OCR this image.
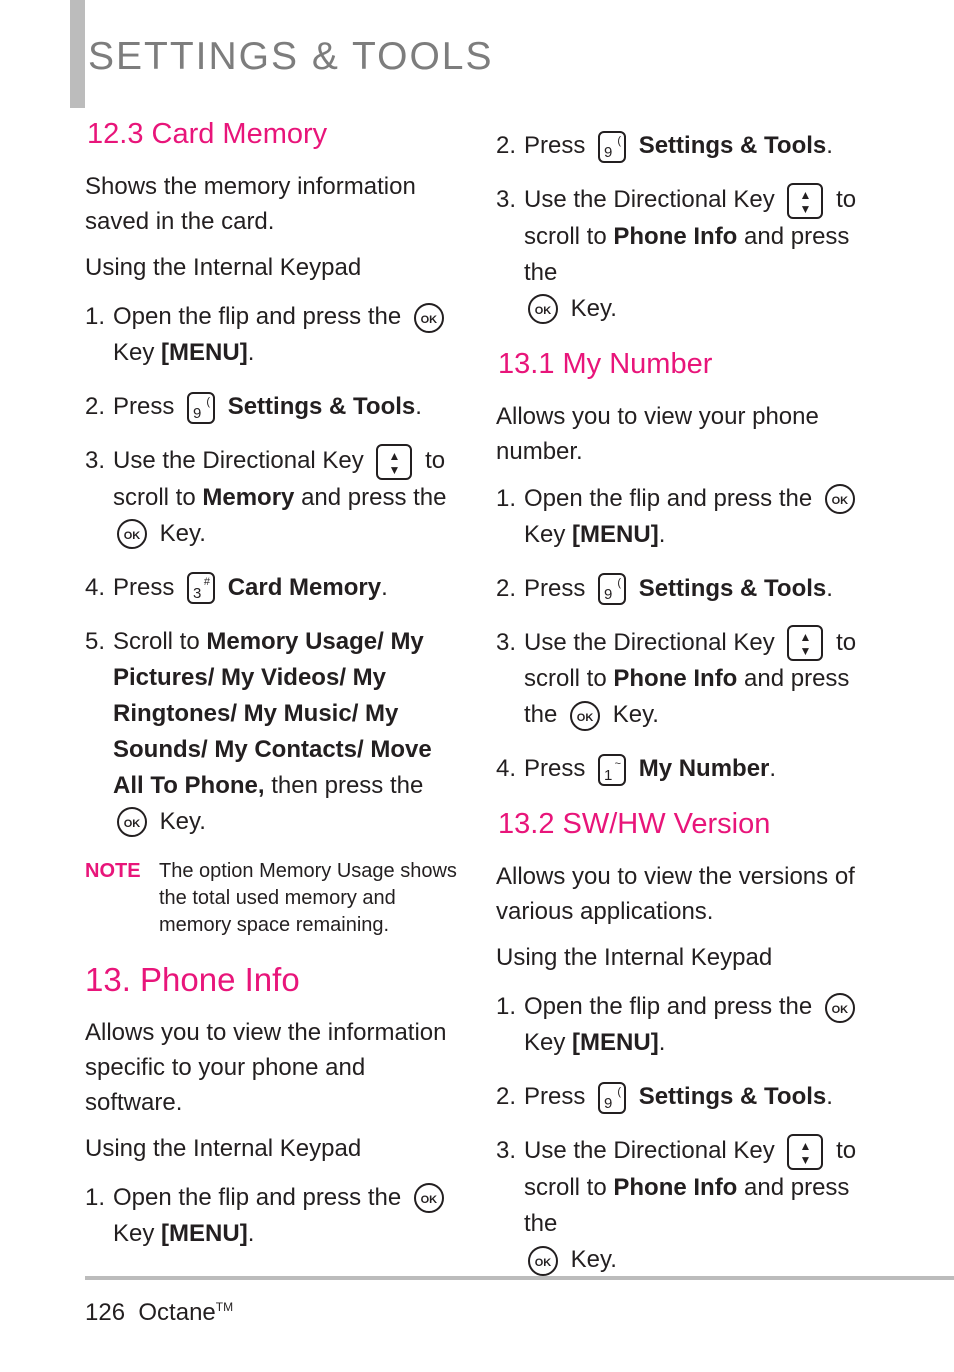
SETTINGS & TOOLS
12.3 Card Memory

Shows the memory information saved in the card.

Using the Internal Keypad
1. Open the flip and press the OK Key [MENU].
2. Press 9
( Settings & Tools.
3. Use the Directional Key ▲
▼ to scroll to Memory and press the
OK Key.
4. Press 3
# Card Memory.
5. Scroll to Memory Usage/ My Pictures/ My Videos/ My Ringtones/ My Music/ My Sounds/ My Contacts/ Move All To Phone, then press the
OK Key.
NOTE The option Memory Usage shows the total used memory and memory space remaining.
13. Phone Info

Allows you to view the information specific to your phone and software.

Using the Internal Keypad
1. Open the flip and press the OK Key [MENU].
2. Press 9
( Settings & Tools.
3. Use the Directional Key ▲
▼ to scroll to Phone Info and press the
OK Key.
13.1 My Number

Allows you to view your phone number.

1. Open the flip and press the OK Key [MENU].
2. Press 9
( Settings & Tools.
3. Use the Directional Key ▲
▼ to scroll to Phone Info and press the OK Key.
4. Press 1
~ My Number.
13.2 SW/HW Version

Allows you to view the versions of various applications.

Using the Internal Keypad
1. Open the flip and press the OK Key [MENU].
2. Press 9
( Settings & Tools.
3. Use the Directional Key ▲
▼ to scroll to Phone Info and press the
OK Key.
126 Octane™
